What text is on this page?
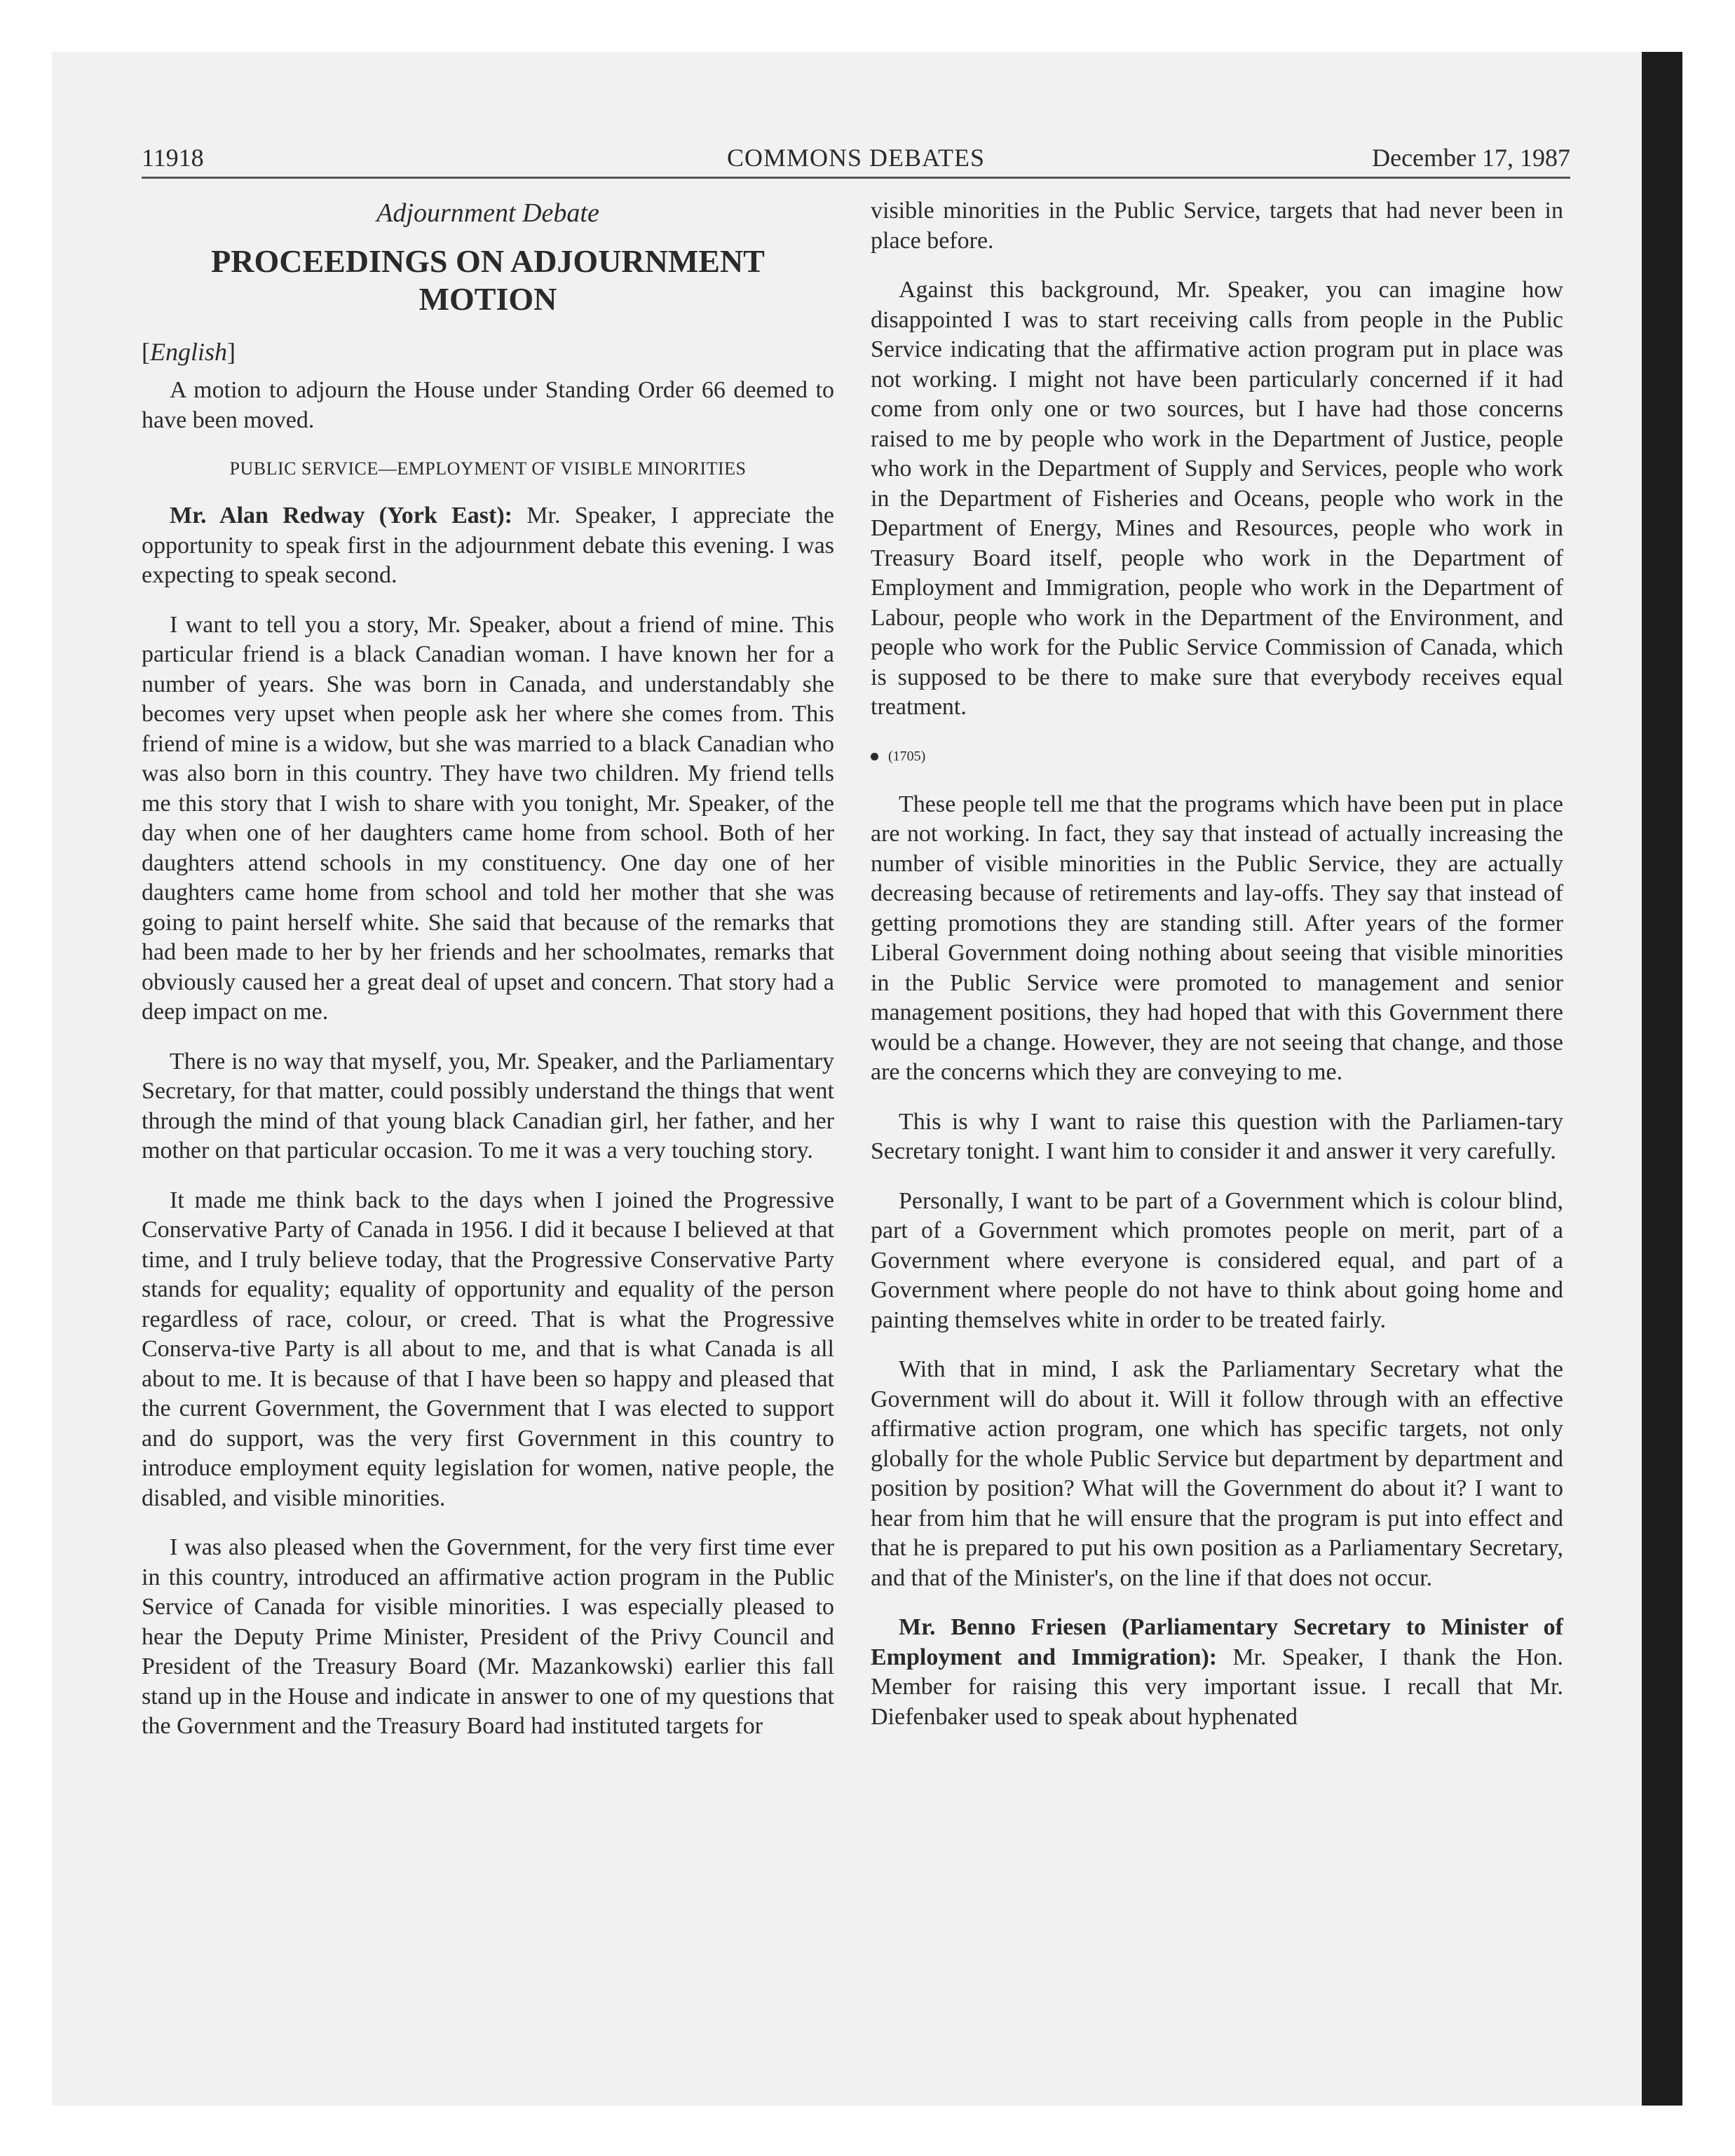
11918	COMMONS DEBATES	December 17, 1987
Adjournment Debate
PROCEEDINGS ON ADJOURNMENT MOTION
[English]

A motion to adjourn the House under Standing Order 66 deemed to have been moved.

PUBLIC SERVICE—EMPLOYMENT OF VISIBLE MINORITIES

Mr. Alan Redway (York East): Mr. Speaker, I appreciate the opportunity to speak first in the adjournment debate this evening. I was expecting to speak second.

I want to tell you a story, Mr. Speaker, about a friend of mine. This particular friend is a black Canadian woman. I have known her for a number of years. She was born in Canada, and understandably she becomes very upset when people ask her where she comes from. This friend of mine is a widow, but she was married to a black Canadian who was also born in this country. They have two children. My friend tells me this story that I wish to share with you tonight, Mr. Speaker, of the day when one of her daughters came home from school. Both of her daughters attend schools in my constituency. One day one of her daughters came home from school and told her mother that she was going to paint herself white. She said that because of the remarks that had been made to her by her friends and her schoolmates, remarks that obviously caused her a great deal of upset and concern. That story had a deep impact on me.

There is no way that myself, you, Mr. Speaker, and the Parliamentary Secretary, for that matter, could possibly understand the things that went through the mind of that young black Canadian girl, her father, and her mother on that particular occasion. To me it was a very touching story.

It made me think back to the days when I joined the Progressive Conservative Party of Canada in 1956. I did it because I believed at that time, and I truly believe today, that the Progressive Conservative Party stands for equality; equality of opportunity and equality of the person regardless of race, colour, or creed. That is what the Progressive Conserva-tive Party is all about to me, and that is what Canada is all about to me. It is because of that I have been so happy and pleased that the current Government, the Government that I was elected to support and do support, was the very first Government in this country to introduce employment equity legislation for women, native people, the disabled, and visible minorities.

I was also pleased when the Government, for the very first time ever in this country, introduced an affirmative action program in the Public Service of Canada for visible minorities. I was especially pleased to hear the Deputy Prime Minister, President of the Privy Council and President of the Treasury Board (Mr. Mazankowski) earlier this fall stand up in the House and indicate in answer to one of my questions that the Government and the Treasury Board had instituted targets for

visible minorities in the Public Service, targets that had never been in place before.

Against this background, Mr. Speaker, you can imagine how disappointed I was to start receiving calls from people in the Public Service indicating that the affirmative action program put in place was not working. I might not have been particularly concerned if it had come from only one or two sources, but I have had those concerns raised to me by people who work in the Department of Justice, people who work in the Department of Supply and Services, people who work in the Department of Fisheries and Oceans, people who work in the Department of Energy, Mines and Resources, people who work in Treasury Board itself, people who work in the Department of Employment and Immigration, people who work in the Department of Labour, people who work in the Department of the Environment, and people who work for the Public Service Commission of Canada, which is supposed to be there to make sure that everybody receives equal treatment.

(1705)

These people tell me that the programs which have been put in place are not working. In fact, they say that instead of actually increasing the number of visible minorities in the Public Service, they are actually decreasing because of retirements and lay-offs. They say that instead of getting promotions they are standing still. After years of the former Liberal Government doing nothing about seeing that visible minorities in the Public Service were promoted to management and senior management positions, they had hoped that with this Government there would be a change. However, they are not seeing that change, and those are the concerns which they are conveying to me.

This is why I want to raise this question with the Parliamen-tary Secretary tonight. I want him to consider it and answer it very carefully.

Personally, I want to be part of a Government which is colour blind, part of a Government which promotes people on merit, part of a Government where everyone is considered equal, and part of a Government where people do not have to think about going home and painting themselves white in order to be treated fairly.

With that in mind, I ask the Parliamentary Secretary what the Government will do about it. Will it follow through with an effective affirmative action program, one which has specific targets, not only globally for the whole Public Service but department by department and position by position? What will the Government do about it? I want to hear from him that he will ensure that the program is put into effect and that he is prepared to put his own position as a Parliamentary Secretary, and that of the Minister's, on the line if that does not occur.

Mr. Benno Friesen (Parliamentary Secretary to Minister of Employment and Immigration): Mr. Speaker, I thank the Hon. Member for raising this very important issue. I recall that Mr. Diefenbaker used to speak about hyphenated
